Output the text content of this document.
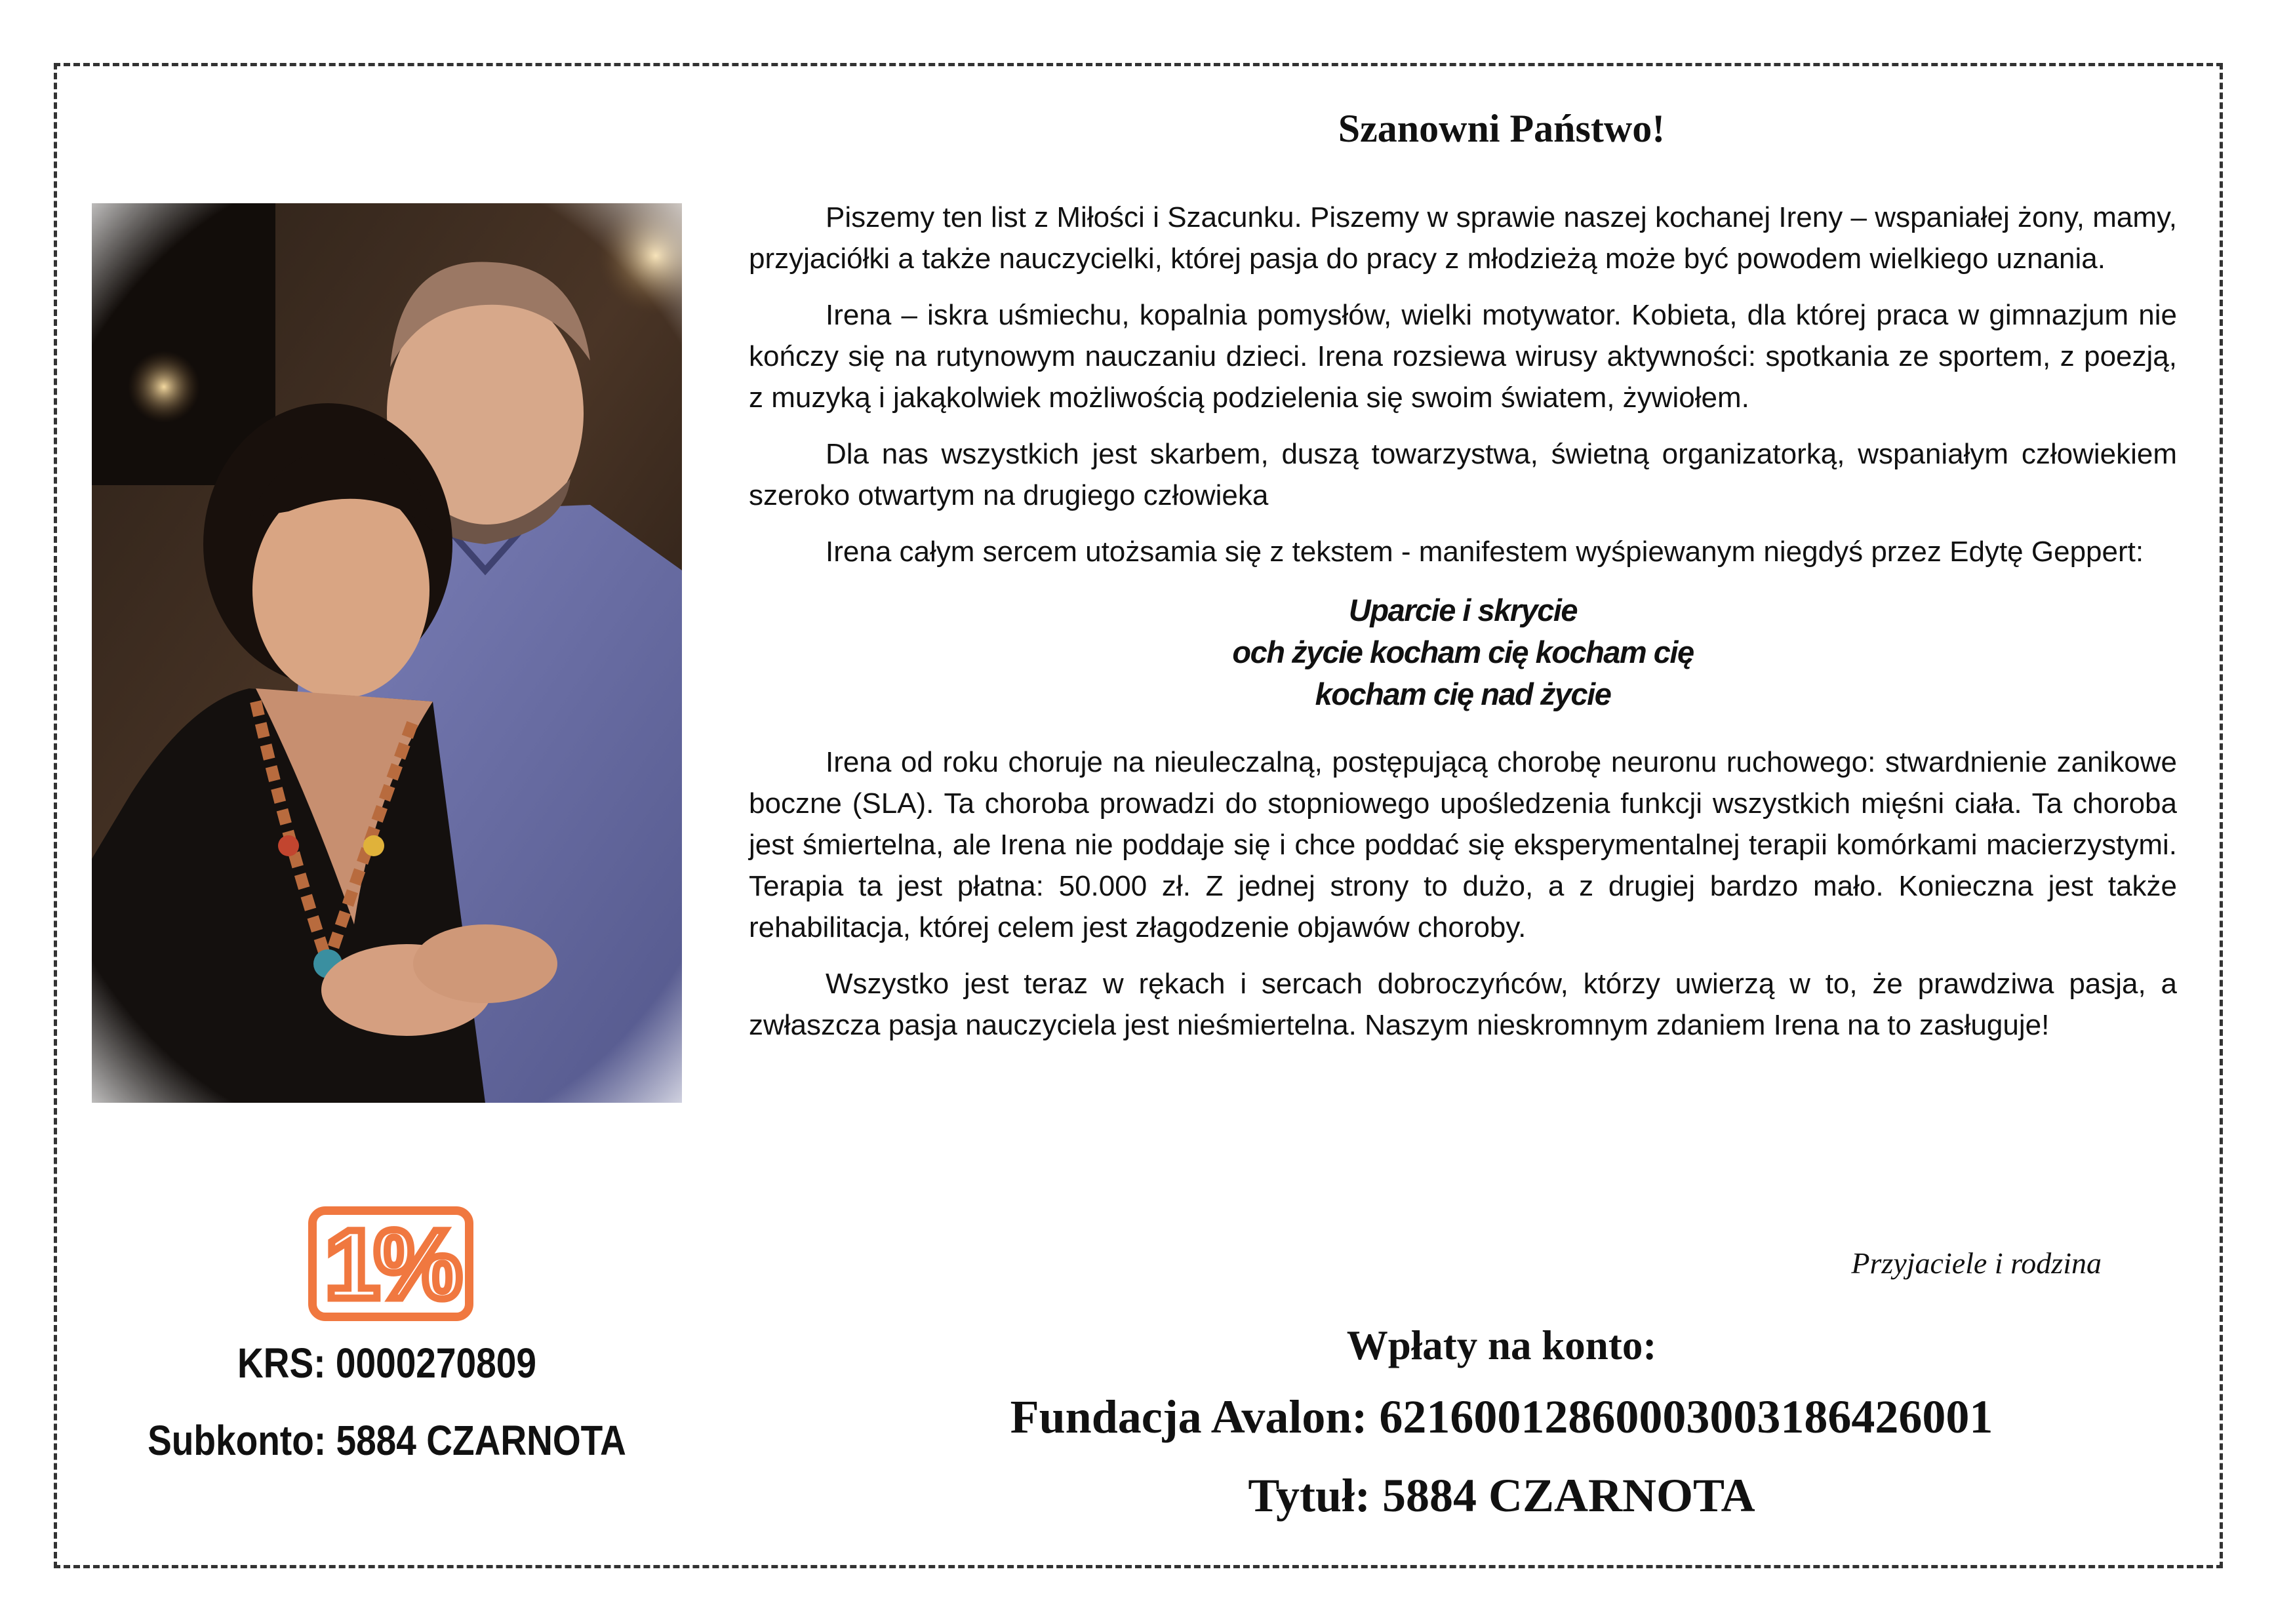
1%
KRS: 0000270809
Subkonto: 5884 CZARNOTA
Szanowni Państwo!

Piszemy ten list z Miłości i Szacunku. Piszemy w sprawie naszej kochanej Ireny – wspaniałej żony, mamy, przyjaciółki a także nauczycielki, której pasja do pracy z młodzieżą może być powodem wielkiego uznania.

Irena – iskra uśmiechu, kopalnia pomysłów, wielki motywator. Kobieta, dla której praca w gimnazjum nie kończy się na rutynowym nauczaniu dzieci. Irena rozsiewa wirusy aktywności: spotkania ze sportem, z poezją, z muzyką i jakąkolwiek możliwością podzielenia się swoim światem, żywiołem.

Dla nas wszystkich jest skarbem, duszą towarzystwa, świetną organizatorką, wspaniałym człowiekiem szeroko otwartym na drugiego człowieka

Irena całym sercem utożsamia się z tekstem - manifestem wyśpiewanym niegdyś przez Edytę Geppert:

Uparcie i skrycie
och życie kocham cię kocham cię
kocham cię nad życie

Irena od roku choruje na nieuleczalną, postępującą chorobę neuronu ruchowego: stwardnienie zanikowe boczne (SLA). Ta choroba prowadzi do stopniowego upośledzenia funkcji wszystkich mięśni ciała. Ta choroba jest śmiertelna, ale Irena nie poddaje się i chce poddać się eksperymentalnej terapii komórkami macierzystymi. Terapia ta jest płatna: 50.000 zł. Z jednej strony to dużo, a z drugiej bardzo mało. Konieczna jest także rehabilitacja, której celem jest złagodzenie objawów choroby.

Wszystko jest teraz w rękach i sercach dobroczyńców, którzy uwierzą w to, że prawdziwa pasja, a zwłaszcza pasja nauczyciela jest nieśmiertelna. Naszym nieskromnym zdaniem Irena na to zasługuje!

Przyjaciele i rodzina
Wpłaty na konto:
Fundacja Avalon: 62160012860003003186426001
Tytuł: 5884 CZARNOTA
